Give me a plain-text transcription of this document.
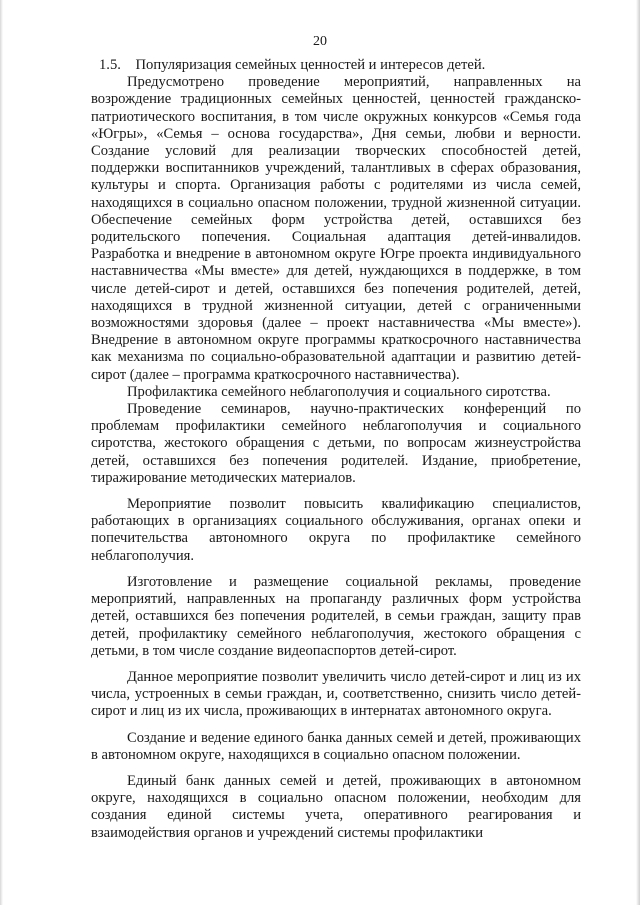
20

1.5. Популяризация семейных ценностей и интересов детей.

Предусмотрено проведение мероприятий, направленных на возрождение традиционных семейных ценностей, ценностей гражданско-патриотического воспитания, в том числе окружных конкурсов «Семья года «Югры», «Семья – основа государства», Дня семьи, любви и верности. Создание условий для реализации творческих способностей детей, поддержки воспитанников учреждений, талантливых в сферах образования, культуры и спорта. Организация работы с родителями из числа семей, находящихся в социально опасном положении, трудной жизненной ситуации. Обеспечение семейных форм устройства детей, оставшихся без родительского попечения. Социальная адаптация детей-инвалидов. Разработка и внедрение в автономном округе Югре проекта индивидуального наставничества «Мы вместе» для детей, нуждающихся в поддержке, в том числе детей-сирот и детей, оставшихся без попечения родителей, детей, находящихся в трудной жизненной ситуации, детей с ограниченными возможностями здоровья (далее – проект наставничества «Мы вместе»). Внедрение в автономном округе программы краткосрочного наставничества как механизма по социально-образовательной адаптации и развитию детей-сирот (далее – программа краткосрочного наставничества).

Профилактика семейного неблагополучия и социального сиротства.

Проведение семинаров, научно-практических конференций по проблемам профилактики семейного неблагополучия и социального сиротства, жестокого обращения с детьми, по вопросам жизнеустройства детей, оставшихся без попечения родителей. Издание, приобретение, тиражирование методических материалов.

Мероприятие позволит повысить квалификацию специалистов, работающих в организациях социального обслуживания, органах опеки и попечительства автономного округа по профилактике семейного неблагополучия.

Изготовление и размещение социальной рекламы, проведение мероприятий, направленных на пропаганду различных форм устройства детей, оставшихся без попечения родителей, в семьи граждан, защиту прав детей, профилактику семейного неблагополучия, жестокого обращения с детьми, в том числе создание видеопаспортов детей-сирот.

Данное мероприятие позволит увеличить число детей-сирот и лиц из их числа, устроенных в семьи граждан, и, соответственно, снизить число детей-сирот и лиц из их числа, проживающих в интернатах автономного округа.

Создание и ведение единого банка данных семей и детей, проживающих в автономном округе, находящихся в социально опасном положении.

Единый банк данных семей и детей, проживающих в автономном округе, находящихся в социально опасном положении, необходим для создания единой системы учета, оперативного реагирования и взаимодействия органов и учреждений системы профилактики
